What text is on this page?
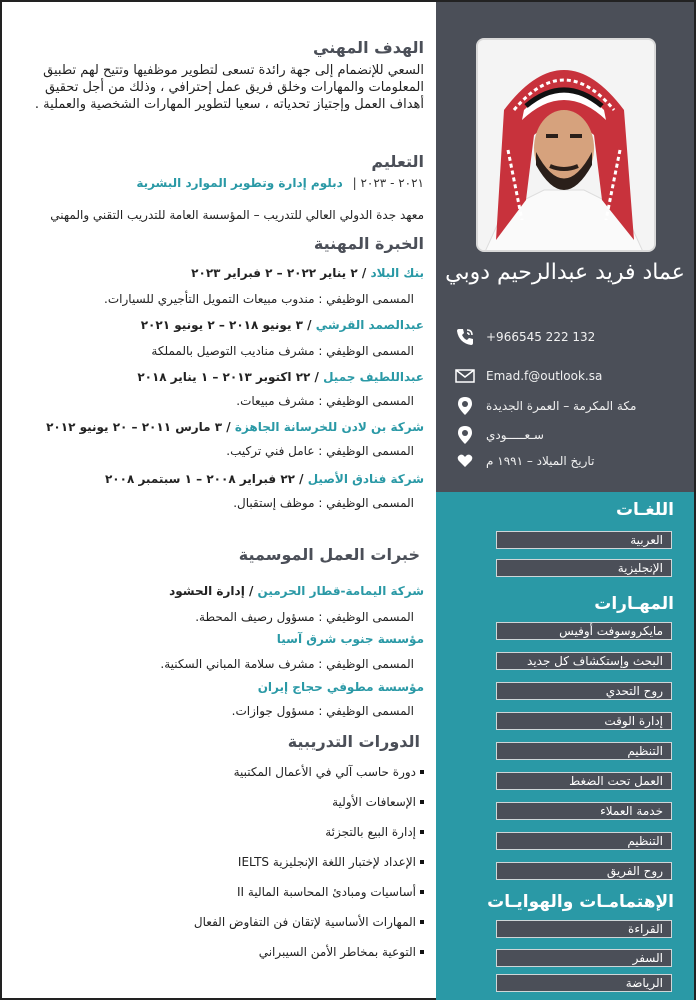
عماد فريد عبدالرحيم دوبي
+966545 222 132
Emad.f@outlook.sa
مكة المكرمة – العمرة الجديدة
سـعـــــودي
تاريخ الميلاد – ١٩٩١ م
اللغـات
العربية
الإنجليزية
المهـارات
مايكروسوفت أوفيس
البحث وإستكشاف كل جديد
روح التحدي
إدارة الوقت
التنظيم
العمل تحت الضغط
خدمة العملاء
التنظيم
روح الفريق
الإهتمامـات والهوايـات
القراءة
السفر
الرياضة
الهدف المهني
السعي للإنضمام إلى جهة رائدة تسعى لتطوير موظفيها وتتيح لهم تطبيق المعلومات والمهارات وخلق فريق عمل إحترافي ، وذلك من أجل تحقيق أهداف العمل وإجتياز تحدياته ، سعيا لتطوير المهارات الشخصية والعملية .
التعليم
٢٠٢١ - ٢٠٢٣ | دبلوم إدارة وتطوير الموارد البشرية
معهد جدة الدولي العالي للتدريب – المؤسسة العامة للتدريب التقني والمهني
الخبرة المهنية
بنك البلاد / ٢ يناير ٢٠٢٢ – ٢ فبراير ٢٠٢٣
المسمى الوظيفي : مندوب مبيعات التمويل التأجيري للسيارات.
عبدالصمد القرشي / ٣ يونيو ٢٠١٨ – ٢ يونيو ٢٠٢١
المسمى الوظيفي : مشرف مناديب التوصيل بالمملكة
عبداللطيف جميل / ٢٢ اكتوبر ٢٠١٣ – ١ يناير ٢٠١٨
المسمى الوظيفي : مشرف مبيعات.
شركة بن لادن للخرسانة الجاهزة / ٣ مارس ٢٠١١ – ٢٠ يونيو ٢٠١٢
المسمى الوظيفي : عامل فني تركيب.
شركة فنادق الأصيل / ٢٢ فبراير ٢٠٠٨ – ١ سبتمبر ٢٠٠٨
المسمى الوظيفي : موظف إستقبال.
خبرات العمل الموسمية
شركة اليمامة-قطار الحرمين / إدارة الحشود
المسمى الوظيفي : مسؤول رصيف المحطة.
مؤسسة جنوب شرق آسيا
المسمى الوظيفي : مشرف سلامة المباني السكنية.
مؤسسة مطوفي حجاج إيران
المسمى الوظيفي : مسؤول جوازات.
الدورات التدريبية
دورة حاسب آلي في الأعمال المكتبية
الإسعافات الأولية
إدارة البيع بالتجزئة
الإعداد لإختبار اللغة الإنجليزية IELTS
أساسيات ومبادئ المحاسبة المالية II
المهارات الأساسية لإتقان فن التفاوض الفعال
التوعية بمخاطر الأمن السيبراني
